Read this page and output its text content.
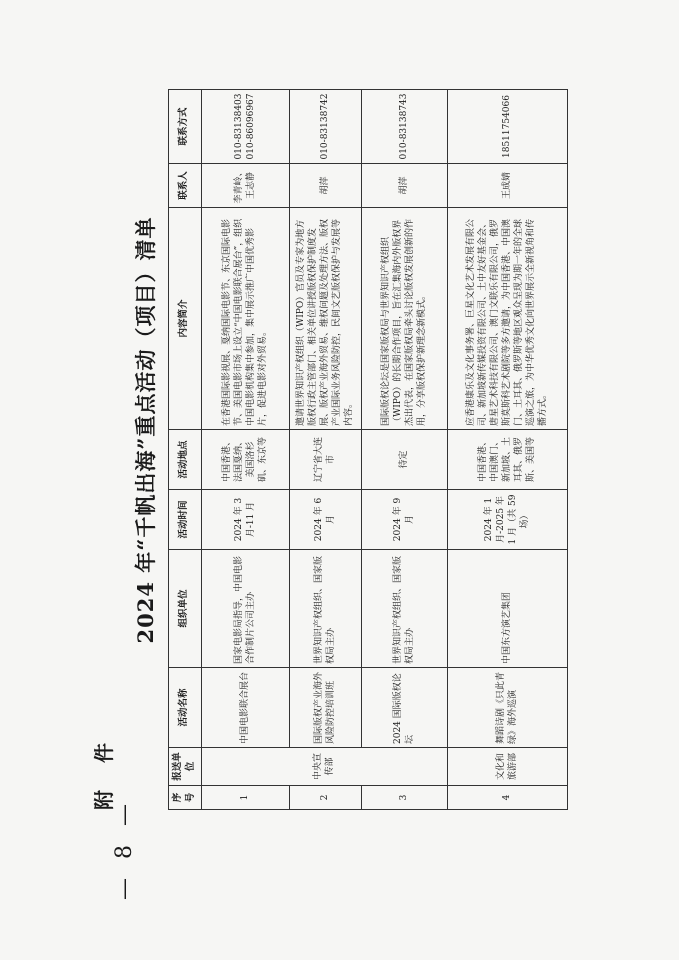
— 8 —
附 件
2024 年“千帆出海”重点活动（项目）清单
序号	报送单位	活动名称	组织单位	活动时间	活动地点	内容简介	联系人	联系方式
1	中央宣传部	中国电影联合展台	国家电影局指导，中国电影合作制片公司主办	2024 年 3 月-11 月	中国香港、法国戛纳、美国洛杉矶、东京等	在香港国际影视展、戛纳国际电影节、东京国际电影节、美国电影市场上设立“中国电影联合展台”，组织中国电影机构集中参加，集中展示推广中国优秀影片，促进电影对外贸易。	李青岭、王志静	010-83138403
010-86096967
2		国际版权产业海外风险防控培训班	世界知识产权组织、国家版权局主办	2024 年 6 月	辽宁省大连市	邀请世界知识产权组织（WIPO）官员及专家为地方版权行政主管部门、相关单位讲授版权保护制度发展、版权产业海外贸易、维权问题及处理方法、版权产业国际业务风险防控，民间文艺版权保护与发展等内容。	胡萍	010-83138742
3		2024 国际版权论坛	世界知识产权组织、国家版权局主办	2024 年 9 月	待定	国际版权论坛是国家版权局与世界知识产权组织（WIPO）的长期合作项目，旨在汇集海内外版权界杰出代表，在国家版权局牵头讨论版权发展创新的作用，分享版权保护新理念新模式。	胡萍	010-83138743
4	文化和旅游部	舞蹈诗剧《只此青绿》海外巡演	中国东方演艺集团	2024 年 1 月-2025 年 1 月（共 59 场）	中国香港、中国澳门、新加坡、土耳其、俄罗斯、美国等	应香港康乐及文化事务署、巨星文化艺术发展有限公司、新加坡新传媒投资有限公司、土中友好基金会、唐星艺术科技有限公司、澳门文联乐有限公司，俄罗斯莫斯科艺术剧院等多方邀请，为中国香港、中国澳门、土耳其、俄罗斯等地区观众呈现为期一年的全球巡演之旅，为中华优秀文化向世界展示全新视角和传播方式。	王成婧	18511754066
